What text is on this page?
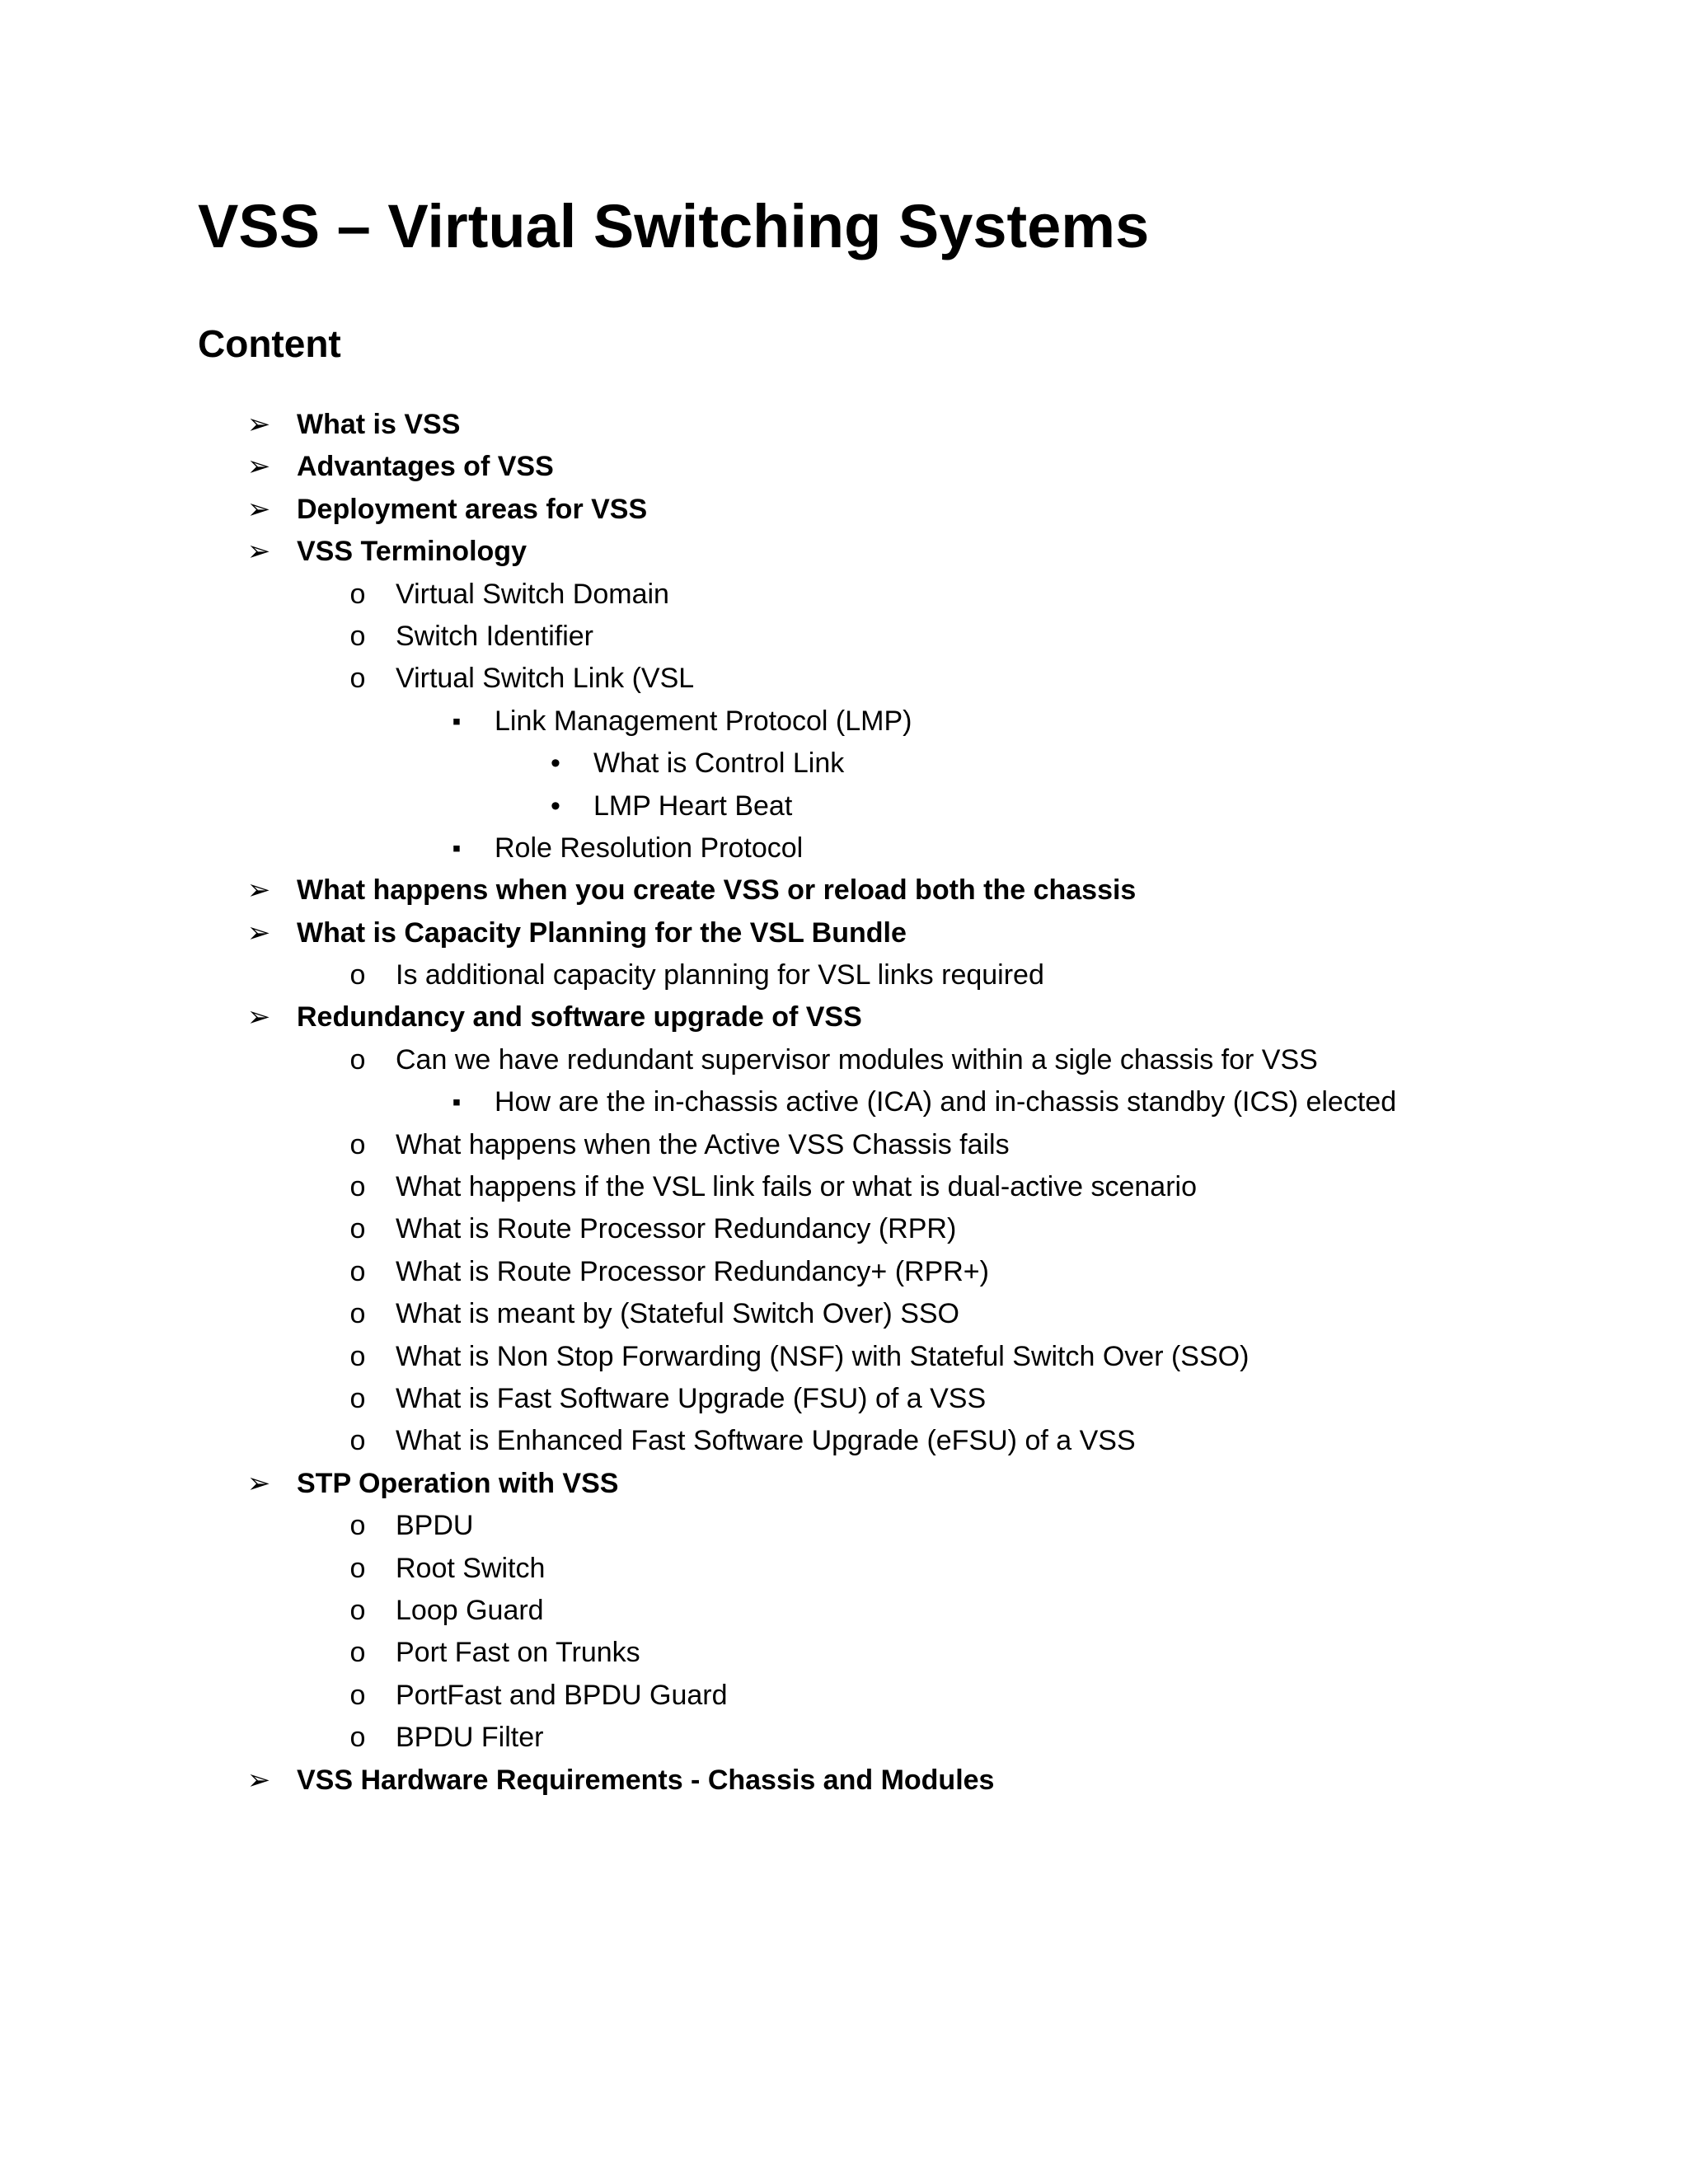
VSS – Virtual Switching Systems
Content
➢ What is VSS
➢ Advantages of VSS
➢ Deployment areas for VSS
➢ VSS Terminology
o	Virtual Switch Domain
o	Switch Identifier
o	Virtual Switch Link (VSL
▪	Link Management Protocol (LMP)
•	What is Control Link
•	LMP Heart Beat
▪	Role Resolution Protocol
➢ What happens when you create VSS or reload both the chassis
➢ What is Capacity Planning for the VSL Bundle
o	Is additional capacity planning for VSL links required
➢ Redundancy and software upgrade of VSS
o	Can we have redundant supervisor modules within a sigle chassis for VSS
▪	How are the in-chassis active (ICA) and in-chassis standby (ICS) elected
o	What happens when the Active VSS Chassis fails
o	What happens if the VSL link fails or what is dual-active scenario
o	What is Route Processor Redundancy (RPR)
o	What is Route Processor Redundancy+ (RPR+)
o	What is meant by (Stateful Switch Over) SSO
o	What is Non Stop Forwarding (NSF) with Stateful Switch Over (SSO)
o	What is Fast Software Upgrade (FSU) of a VSS
o	What is Enhanced Fast Software Upgrade (eFSU) of a VSS
➢ STP Operation with VSS
o	BPDU
o	Root Switch
o	Loop Guard
o	Port Fast on Trunks
o	PortFast and BPDU Guard
o	BPDU Filter
➢ VSS Hardware Requirements - Chassis and Modules
